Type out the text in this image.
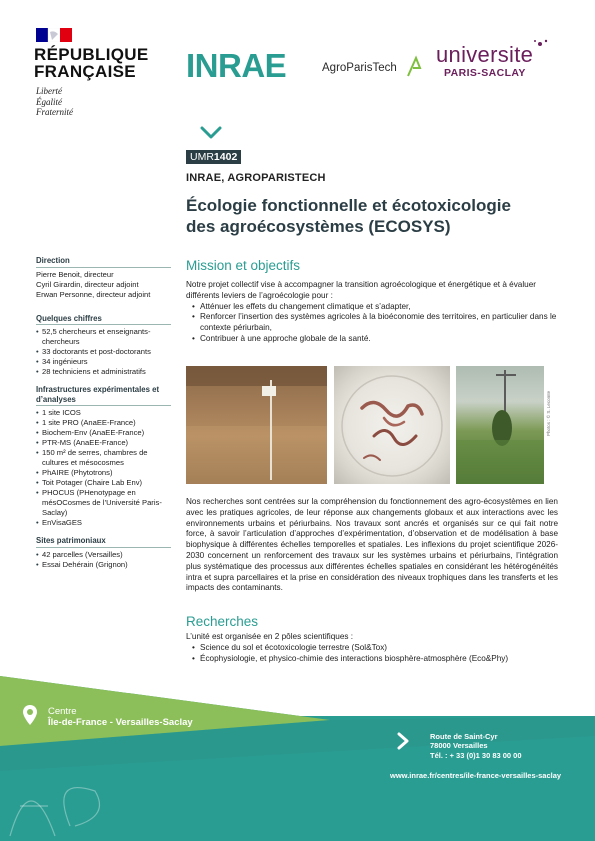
RÉPUBLIQUE
FRANÇAISE
Liberté
Égalité
Fraternité
INRAE	AgroParisTech
universite
PARIS-SACLAY
UMR1402
INRAE, AGROPARISTECH
Écologie fonctionnelle et écotoxicologie
des agroécosystèmes (ECOSYS)
Direction
Pierre Benoit, directeur
Cyril Girardin, directeur adjoint
Erwan Personne, directeur adjoint
Quelques chiffres
• 52,5 chercheurs et enseignants-chercheurs
• 33 doctorants et post-doctorants
• 34 ingénieurs
• 28 techniciens et administratifs
Infrastructures expérimentales et d’analyses
• 1 site ICOS
• 1 site PRO (AnaEE-France)
• Biochem-Env (AnaEE-France)
• PTR-MS (AnaEE-France)
• 150 m² de serres, chambres de cultures et mésocosmes
• PhAIRE (Phytotrons)
• Toit Potager (Chaire Lab Env)
• PHOCUS (PHenotypage en mésOCosmes de l’Université Paris-Saclay)
• EnVisaGES
Sites patrimoniaux
• 42 parcelles (Versailles)
• Essai Dehérain (Grignon)
Mission et objectifs
Notre projet collectif vise à accompagner la transition agroécologique et énergétique et à évaluer différents leviers de l’agroécologie pour :
• Atténuer les effets du changement climatique et s’adapter,
• Renforcer l’insertion des systèmes agricoles à la bioéconomie des territoires, en particulier dans le contexte périurbain,
• Contribuer à une approche globale de la santé.
Photos : © S. Lecomte
Nos recherches sont centrées sur la compréhension du fonctionnement des agro-écosystèmes en lien avec les pratiques agricoles, de leur réponse aux changements globaux et aux interactions avec les environnements urbains et périurbains. Nos travaux sont ancrés et organisés sur ce qui fait notre force, à savoir l’articulation d’approches d’expérimentation, d’observation et de modélisation à base biophysique à différentes échelles temporelles et spatiales. Les inflexions du projet scientifique 2026-2030 concernent un renforcement des travaux sur les systèmes urbains et périurbains, l’intégration plus systématique des processus aux différentes échelles spatiales en considérant les hétérogénéités intra et supra parcellaires et la prise en considération des niveaux trophiques dans les transferts et les impacts des contaminants.
Recherches
L’unité est organisée en 2 pôles scientifiques :
• Science du sol et écotoxicologie terrestre (Sol&Tox)
• Écophysiologie, et physico-chimie des interactions biosphère-atmosphère (Eco&Phy)
Centre
Île-de-France - Versailles-Saclay
Route de Saint-Cyr
78000 Versailles
Tél. : + 33 (0)1 30 83 00 00
www.inrae.fr/centres/ile-france-versailles-saclay
